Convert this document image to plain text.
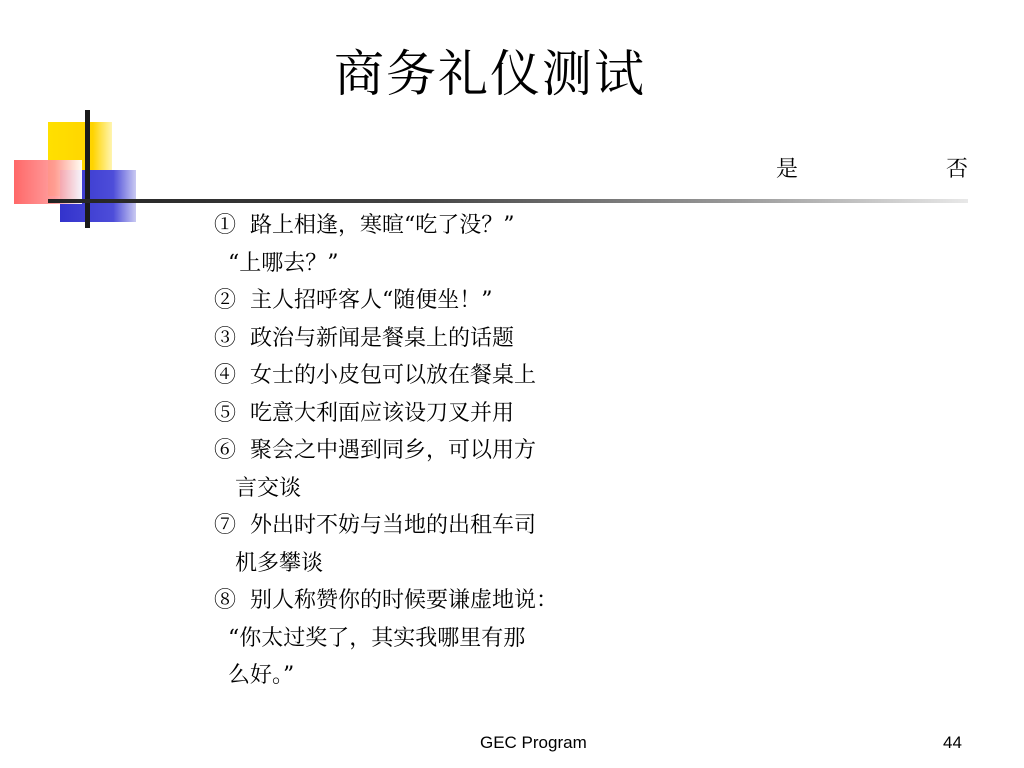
商务礼仪测试
是	否
①  路上相逢，寒暄“吃了没？”
“上哪去？”
②  主人招呼客人“随便坐！”
③  政治与新闻是餐桌上的话题
④  女士的小皮包可以放在餐桌上
⑤  吃意大利面应该设刀叉并用
⑥  聚会之中遇到同乡，可以用方
言交谈
⑦  外出时不妨与当地的出租车司
机多攀谈
⑧  别人称赞你的时候要谦虚地说：
“你太过奖了，其实我哪里有那
么好。”
GEC Program	44
